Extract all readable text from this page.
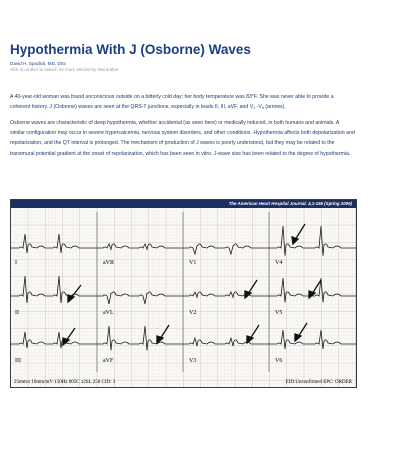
Hypothermia With J (Osborne) Waves
David H. Spodick, MD, DSc
click on author to search for more articles by that author
A 40-year-old woman was found unconscious outside on a bitterly cold day; her body temperature was 83°F. She was never able to provide a coherent history. J (Osborne) waves are seen at the QRS-T junctions, especially in leads II, III, aVF, and $V_1$ $-V_6$ (arrows).
Osborne waves are characteristic of deep hypothermia, whether accidental (as seen here) or medically induced, in both humans and animals. A similar configuration may occur in severe hypercalcemia, nervous system disorders, and other conditions. Hypothermia affects both depolarization and repolarization, and the QT interval is prolonged. The mechanism of production of J waves is poorly understood, but they may be related to the transmural potential gradient at the onset of repolarization, which has been seen in vitro. J-wave size has been related to the degree of hypothermia.
The American Heart Hospital Journal. 4,1-156 (Spring 2006)
I	aVR	V1	V4
II	aVL	V2	V5
III	aVF	V3	V6
25mm/s 10mm/mV 150Hz 005C 12SL 250 CID: 3	EID:Unconfirmed EPC: ORDER
